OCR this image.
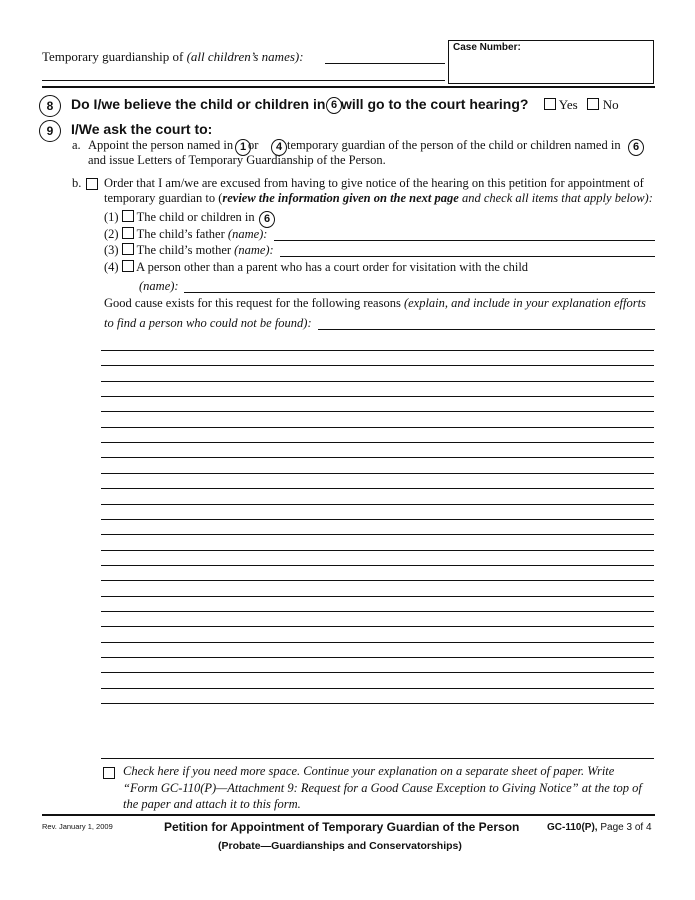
Temporary guardianship of (all children’s names):
Case Number:
8	Do I/we believe the child or children in 6 will go to the court hearing?	Yes No
9	I/We ask the court to:
a. Appoint the person named in 1 or	4 temporary guardian of the person of the child or children named in	6
and issue Letters of Temporary Guardianship of the Person.
b. Order that I am/we are excused from having to give notice of the hearing on this petition for appointment of
temporary guardian to (review the information given on the next page and check all items that apply below):
(1) The child or children in 6
(2) The child’s father (name):
(3) The child’s mother (name):
(4) A person other than a parent who has a court order for visitation with the child
(name):
Good cause exists for this request for the following reasons (explain, and include in your explanation efforts
to find a person who could not be found):
Check here if you need more space. Continue your explanation on a separate sheet of paper. Write
“Form GC-110(P)—Attachment 9: Request for a Good Cause Exception to Giving Notice” at the top of
the paper and attach it to this form.
Rev. January 1, 2009	Petition for Appointment of Temporary Guardian of the Person	GC-110(P), Page 3 of 4
(Probate—Guardianships and Conservatorships)
